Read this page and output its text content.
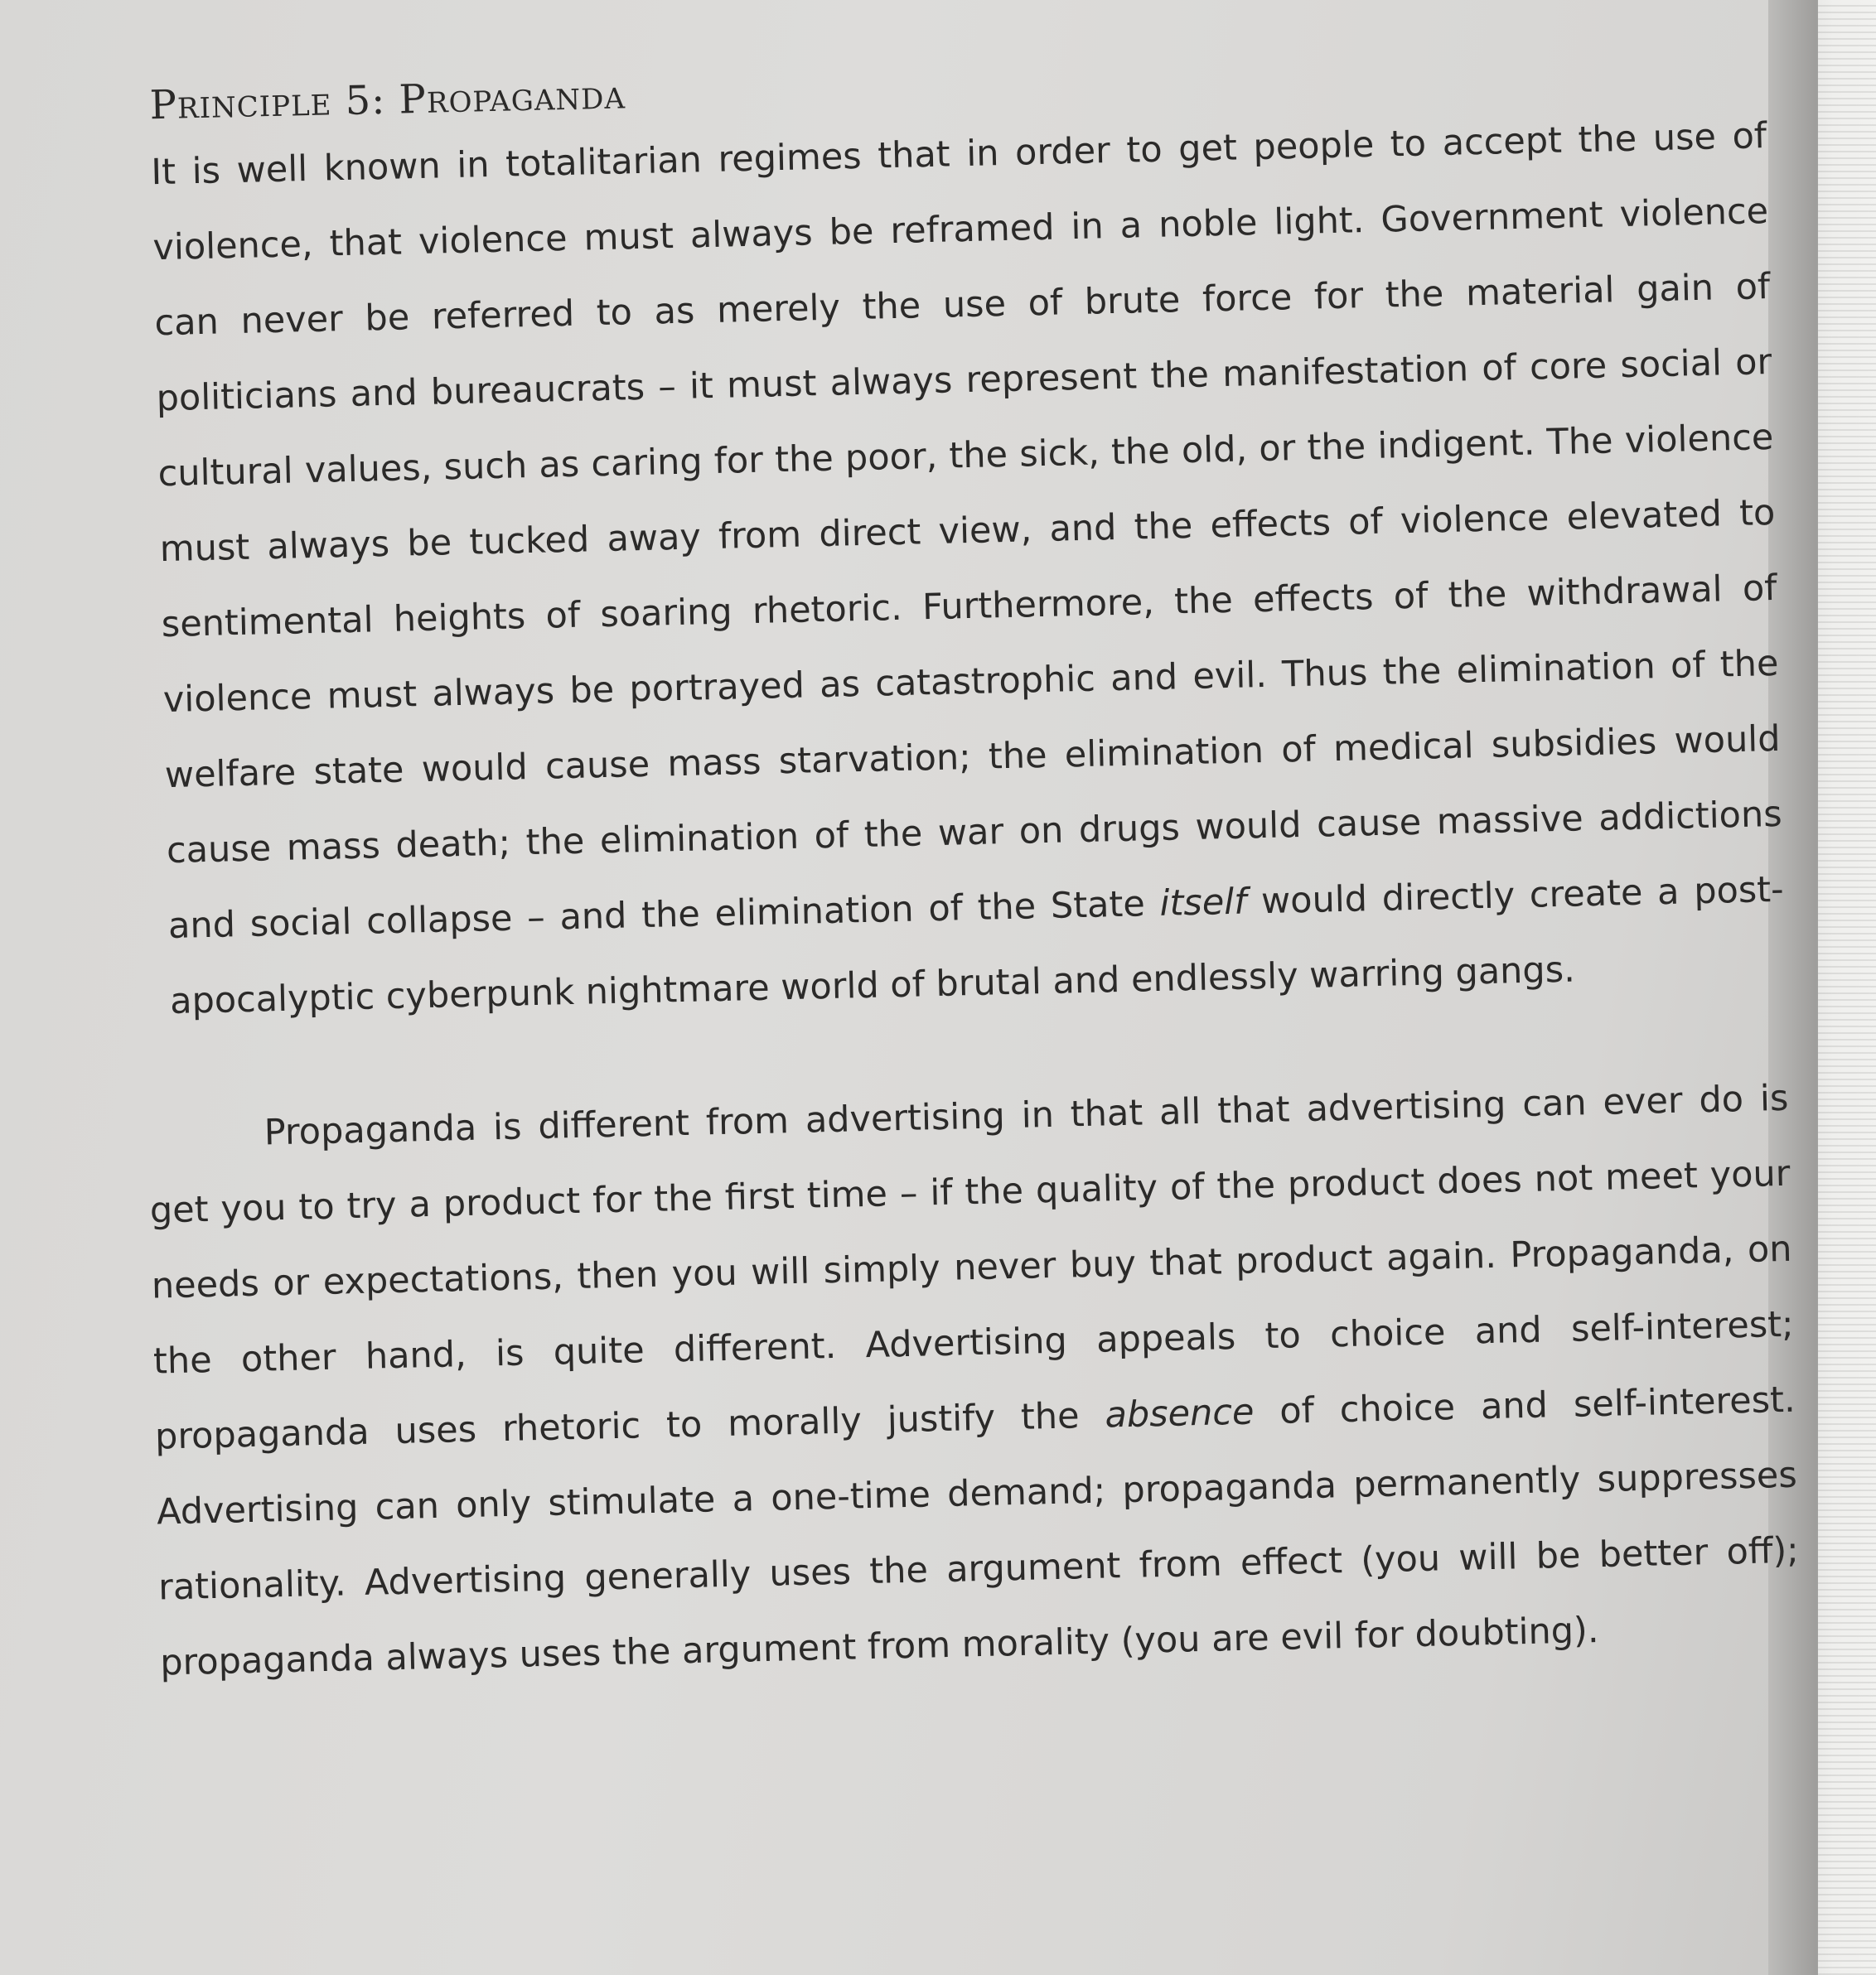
Principle 5: Propaganda

It is well known in totalitarian regimes that in order to get people to accept the use of violence, that violence must always be reframed in a noble light. Government violence can never be referred to as merely the use of brute force for the material gain of politicians and bureaucrats – it must always represent the manifestation of core social or cultural values, such as caring for the poor, the sick, the old, or the indigent. The violence must always be tucked away from direct view, and the effects of violence elevated to sentimental heights of soaring rhetoric. Furthermore, the effects of the withdrawal of violence must always be portrayed as catastrophic and evil. Thus the elimination of the welfare state would cause mass starvation; the elimination of medical subsidies would cause mass death; the elimination of the war on drugs would cause massive addictions and social collapse – and the elimination of the State itself would directly create a post-apocalyptic cyberpunk nightmare world of brutal and endlessly warring gangs.

Propaganda is different from advertising in that all that advertising can ever do is get you to try a product for the first time – if the quality of the product does not meet your needs or expectations, then you will simply never buy that product again. Propaganda, on the other hand, is quite different. Advertising appeals to choice and self-interest; propaganda uses rhetoric to morally justify the absence of choice and self-interest. Advertising can only stimulate a one-time demand; propaganda permanently suppresses rationality. Advertising generally uses the argument from effect (you will be better off); propaganda always uses the argument from morality (you are evil for doubting).
